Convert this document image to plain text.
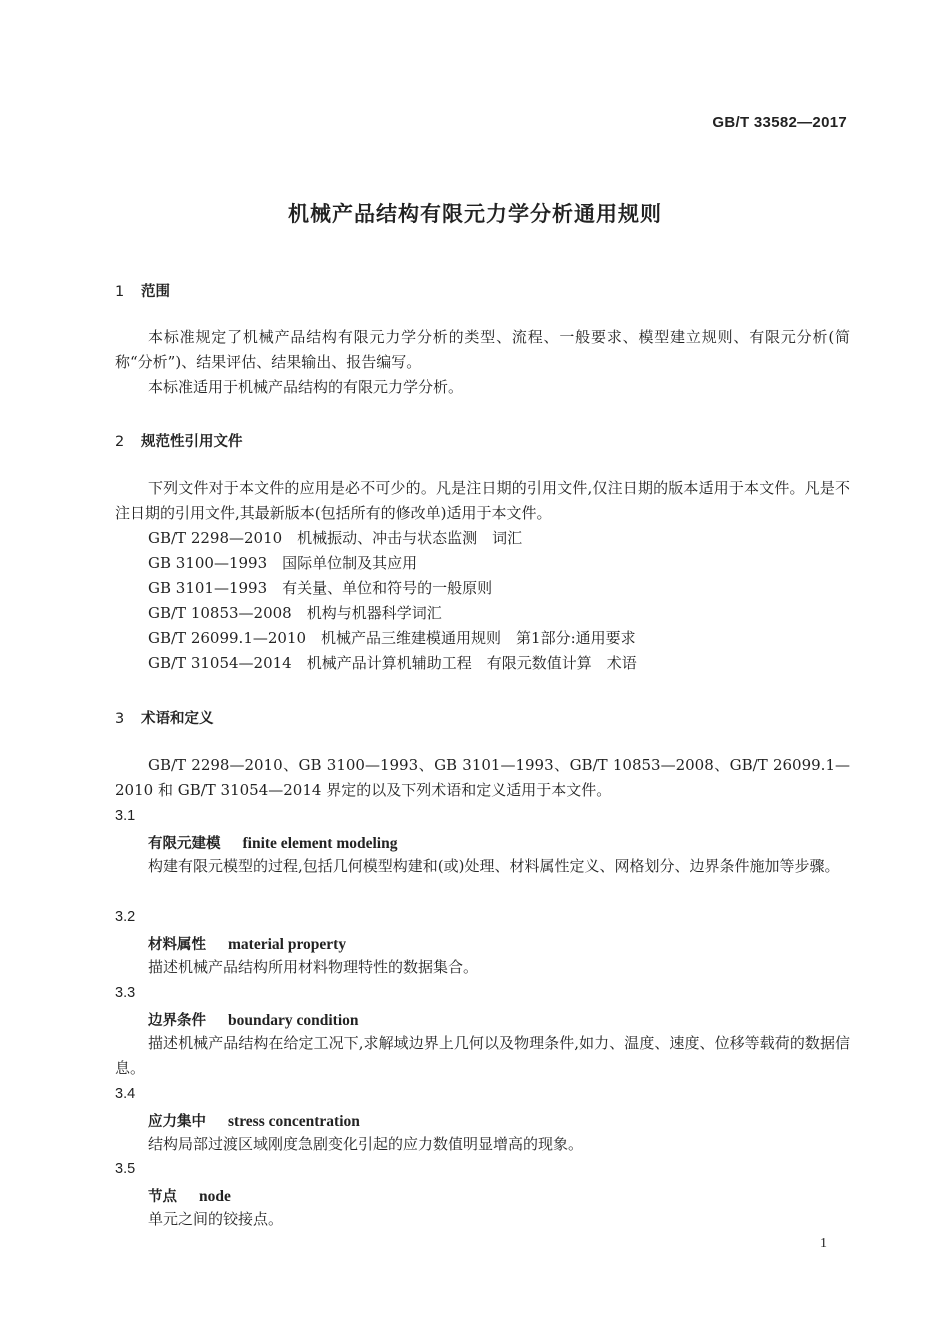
GB/T 33582—2017
机械产品结构有限元力学分析通用规则
1 范围
本标准规定了机械产品结构有限元力学分析的类型、流程、一般要求、模型建立规则、有限元分析(简称“分析”)、结果评估、结果输出、报告编写。
本标准适用于机械产品结构的有限元力学分析。
2 规范性引用文件
下列文件对于本文件的应用是必不可少的。凡是注日期的引用文件,仅注日期的版本适用于本文件。凡是不注日期的引用文件,其最新版本(包括所有的修改单)适用于本文件。
GB/T 2298—2010　机械振动、冲击与状态监测　词汇
GB 3100—1993　国际单位制及其应用
GB 3101—1993　有关量、单位和符号的一般原则
GB/T 10853—2008　机构与机器科学词汇
GB/T 26099.1—2010　机械产品三维建模通用规则　第1部分:通用要求
GB/T 31054—2014　机械产品计算机辅助工程　有限元数值计算　术语
3 术语和定义
GB/T 2298—2010、GB 3100—1993、GB 3101—1993、GB/T 10853—2008、GB/T 26099.1—2010 和 GB/T 31054—2014 界定的以及下列术语和定义适用于本文件。
3.1
有限元建模 finite element modeling
构建有限元模型的过程,包括几何模型构建和(或)处理、材料属性定义、网格划分、边界条件施加等步骤。
3.2
材料属性 material property
描述机械产品结构所用材料物理特性的数据集合。
3.3
边界条件 boundary condition
描述机械产品结构在给定工况下,求解域边界上几何以及物理条件,如力、温度、速度、位移等载荷的数据信息。
3.4
应力集中 stress concentration
结构局部过渡区域刚度急剧变化引起的应力数值明显增高的现象。
3.5
节点 node
单元之间的铰接点。
1
